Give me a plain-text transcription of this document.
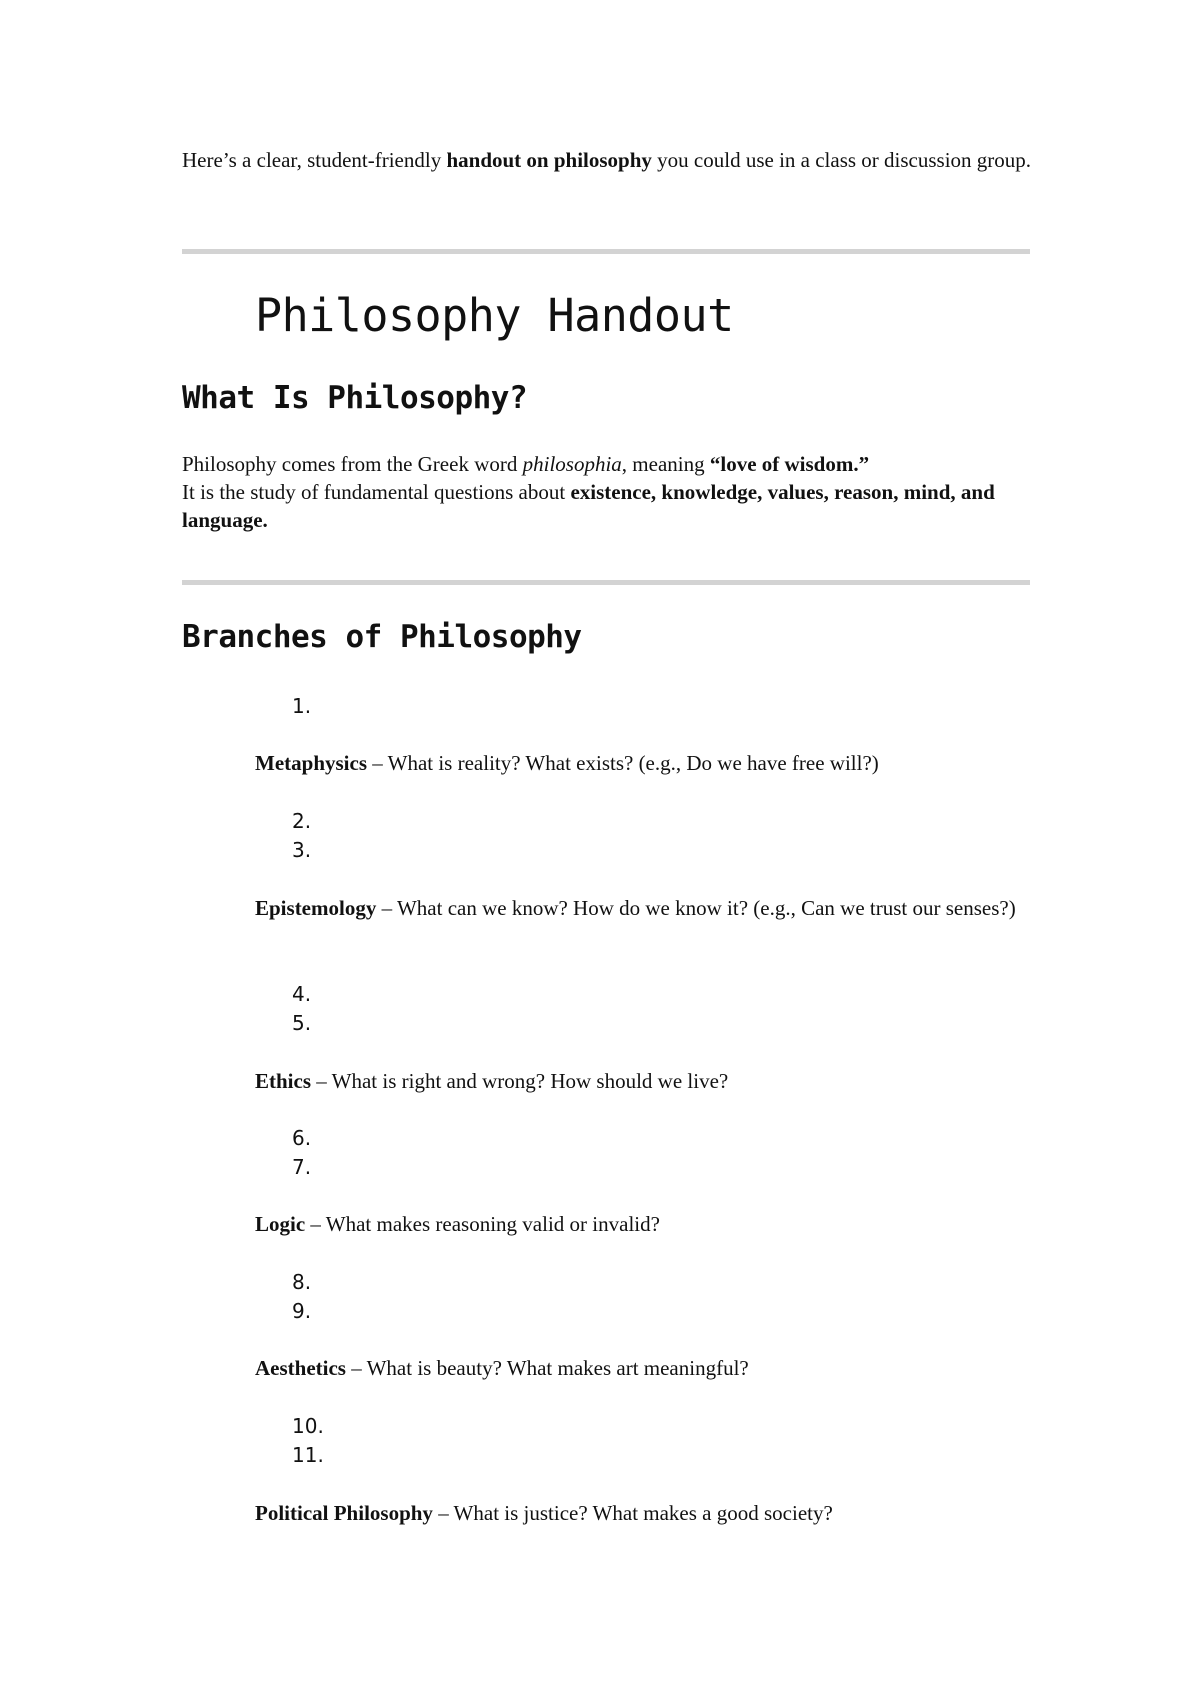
Here’s a clear, student-friendly handout on philosophy you could use in a class or discussion group.
Philosophy Handout
What Is Philosophy?
Philosophy comes from the Greek word philosophia, meaning “love of wisdom.”
It is the study of fundamental questions about existence, knowledge, values, reason, mind, and language.
Branches of Philosophy
1.
2.
3.
4.
5.
6.
7.
8.
9.
10.
11.
Metaphysics – What is reality? What exists? (e.g., Do we have free will?)
Epistemology – What can we know? How do we know it? (e.g., Can we trust our senses?)
Ethics – What is right and wrong? How should we live?
Logic – What makes reasoning valid or invalid?
Aesthetics – What is beauty? What makes art meaningful?
Political Philosophy – What is justice? What makes a good society?
